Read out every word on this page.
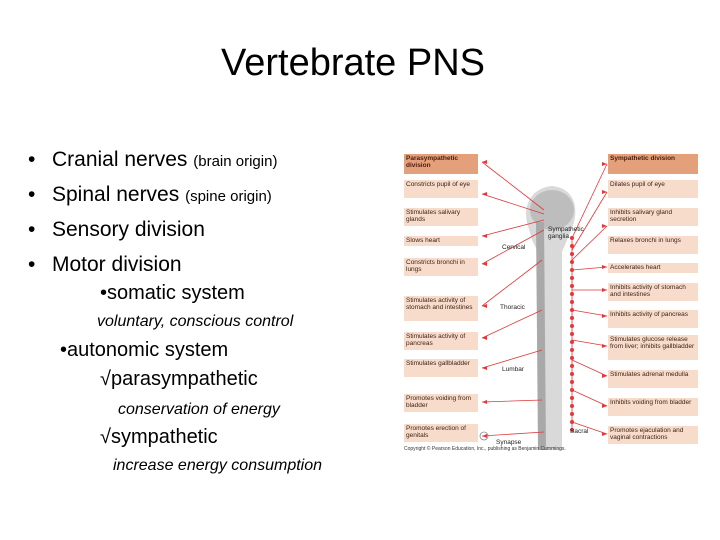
Vertebrate PNS
• Cranial nerves (brain origin)
• Spinal nerves (spine origin)
• Sensory division
• Motor division
•somatic system
voluntary, conscious control
•autonomic system
√parasympathetic
conservation of energy
√sympathetic
increase energy consumption
Parasympathetic division
Constricts pupil of eye
Stimulates salivary glands
Slows heart
Constricts bronchi in lungs
Stimulates activity of stomach and intestines
Stimulates activity of pancreas
Stimulates gallbladder
Promotes voiding from bladder
Promotes erection of genitals
Sympathetic division
Dilates pupil of eye
Inhibits salivary gland secretion
Relaxes bronchi in lungs
Accelerates heart
Inhibits activity of stomach and intestines
Inhibits activity of pancreas
Stimulates glucose release from liver; inhibits gallbladder
Stimulates adrenal medulla
Inhibits voiding from bladder
Promotes ejaculation and vaginal contractions
Sympathetic ganglia
Cervical
Thoracic
Lumbar
Sacral
Synapse
Copyright © Pearson Education, Inc., publishing as Benjamin Cummings.
